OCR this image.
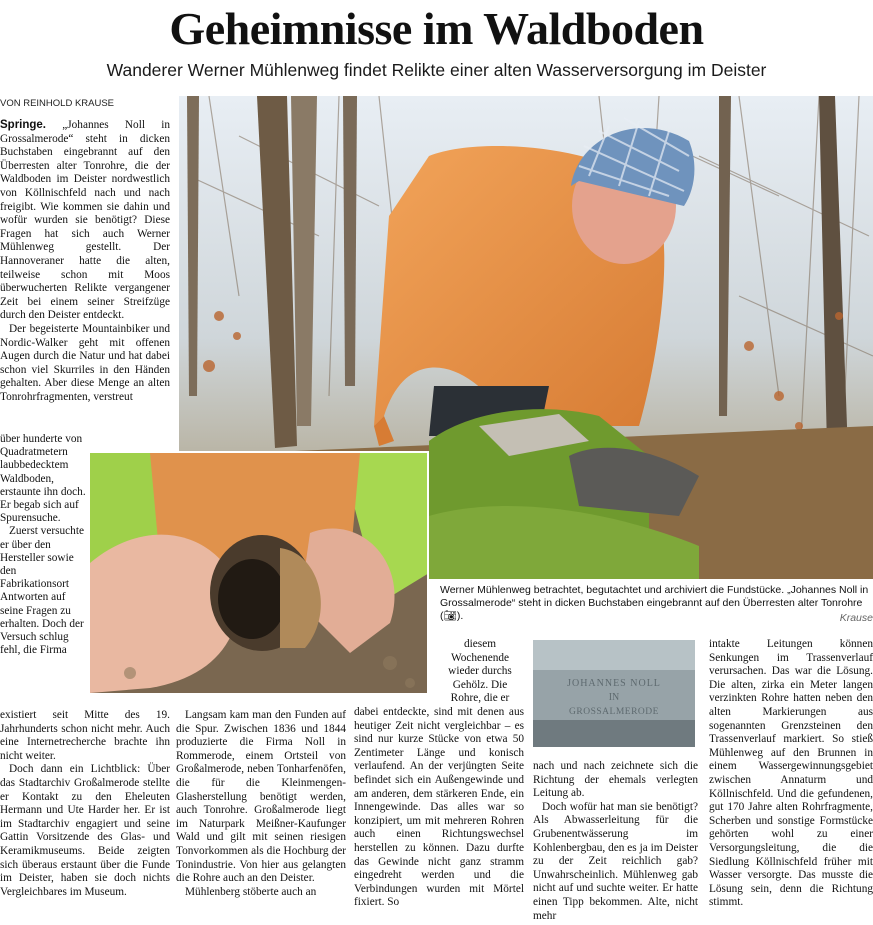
Geheimnisse im Waldboden
Wanderer Werner Mühlenweg findet Relikte einer alten Wasserversorgung im Deister
VON REINHOLD KRAUSE

Springe. „Johannes Noll in Grossalmerode“ steht in dicken Buchstaben eingebrannt auf den Überresten alter Tonrohre, die der Waldboden im Deister nordwestlich von Köllnischfeld nach und nach freigibt. Wie kommen sie dahin und wofür wurden sie benötigt? Diese Fragen hat sich auch Werner Mühlenweg gestellt. Der Hannoveraner hatte die alten, teilweise schon mit Moos überwucherten Relikte vergangener Zeit bei einem seiner Streifzüge durch den Deister entdeckt.

Der begeisterte Mountainbiker und Nordic-Walker geht mit offenen Augen durch die Natur und hat dabei schon viel Skurriles in den Händen gehalten. Aber diese Menge an alten Tonrohrfragmenten, verstreut

über hunderte von Quadratmetern laubbedecktem Waldboden, erstaunte ihn doch. Er begab sich auf Spurensuche.

Zuerst versuchte er über den Hersteller sowie den Fabrikationsort Antworten auf seine Fragen zu erhalten. Doch der Versuch schlug fehl, die Firma

existiert seit Mitte des 19. Jahrhunderts schon nicht mehr. Auch eine Internetrecherche brachte ihn nicht weiter.

Doch dann ein Lichtblick: Über das Stadtarchiv Großalmerode stellte er Kontakt zu den Eheleuten Hermann und Ute Harder her. Er ist im Stadtarchiv engagiert und seine Gattin Vorsitzende des Glas- und Keramikmuseums. Beide zeigten sich überaus erstaunt über die Funde im Deister, haben sie doch nichts Vergleichbares im Museum.

Langsam kam man den Funden auf die Spur. Zwischen 1836 und 1844 produzierte die Firma Noll in Rommerode, einem Ortsteil von Großalmerode, neben Tonharfenöfen, die für die Kleinmengen-Glasherstellung benötigt werden, auch Tonrohre. Großalmerode liegt im Naturpark Meißner-Kaufunger Wald und gilt mit seinen riesigen Tonvorkommen als die Hochburg der Tonindustrie. Von hier aus gelangten die Rohre auch an den Deister.

Mühlenberg stöberte auch an

diesem Wochenende wieder durchs Gehölz. Die Rohre, die er

dabei entdeckte, sind mit denen aus heutiger Zeit nicht vergleichbar – es sind nur kurze Stücke von etwa 50 Zentimeter Länge und konisch verlaufend. An der verjüngten Seite befindet sich ein Außengewinde und am anderen, dem stärkeren Ende, ein Innengewinde. Das alles war so konzipiert, um mit mehreren Rohren auch einen Richtungswechsel herstellen zu können. Dazu durfte das Gewinde nicht ganz stramm eingedreht werden und die Verbindungen wurden mit Mörtel fixiert. So

nach und nach zeichnete sich die Richtung der ehemals verlegten Leitung ab.

Doch wofür hat man sie benötigt? Als Abwasserleitung für die Grubenentwässerung im Kohlenbergbau, den es ja im Deister zu der Zeit reichlich gab? Unwahrscheinlich. Mühlenweg gab nicht auf und suchte weiter. Er hatte einen Tipp bekommen. Alte, nicht mehr

intakte Leitungen können Senkungen im Trassenverlauf verursachen. Das war die Lösung. Die alten, zirka ein Meter langen verzinkten Rohre hatten neben den alten Markierungen aus sogenannten Grenzsteinen den Trassenverlauf markiert. So stieß Mühlenweg auf den Brunnen in einem Wassergewinnungsgebiet zwischen Annaturm und Köllnischfeld. Und die gefundenen, gut 170 Jahre alten Rohrfragmente, Scherben und sonstige Formstücke gehörten wohl zu einer Versorgungsleitung, die die Siedlung Köllnischfeld früher mit Wasser versorgte. Das musste die Lösung sein, denn die Richtung stimmt.

Werner Mühlenweg betrachtet, begutachtet und archiviert die Fundstücke. „Johannes Noll in Grossalmerode“ steht in dicken Buchstaben eingebrannt auf den Überresten alter Tonrohre (📷︎).	Krause
JOHANNES NOLL
IN
GROSSALMERODE
